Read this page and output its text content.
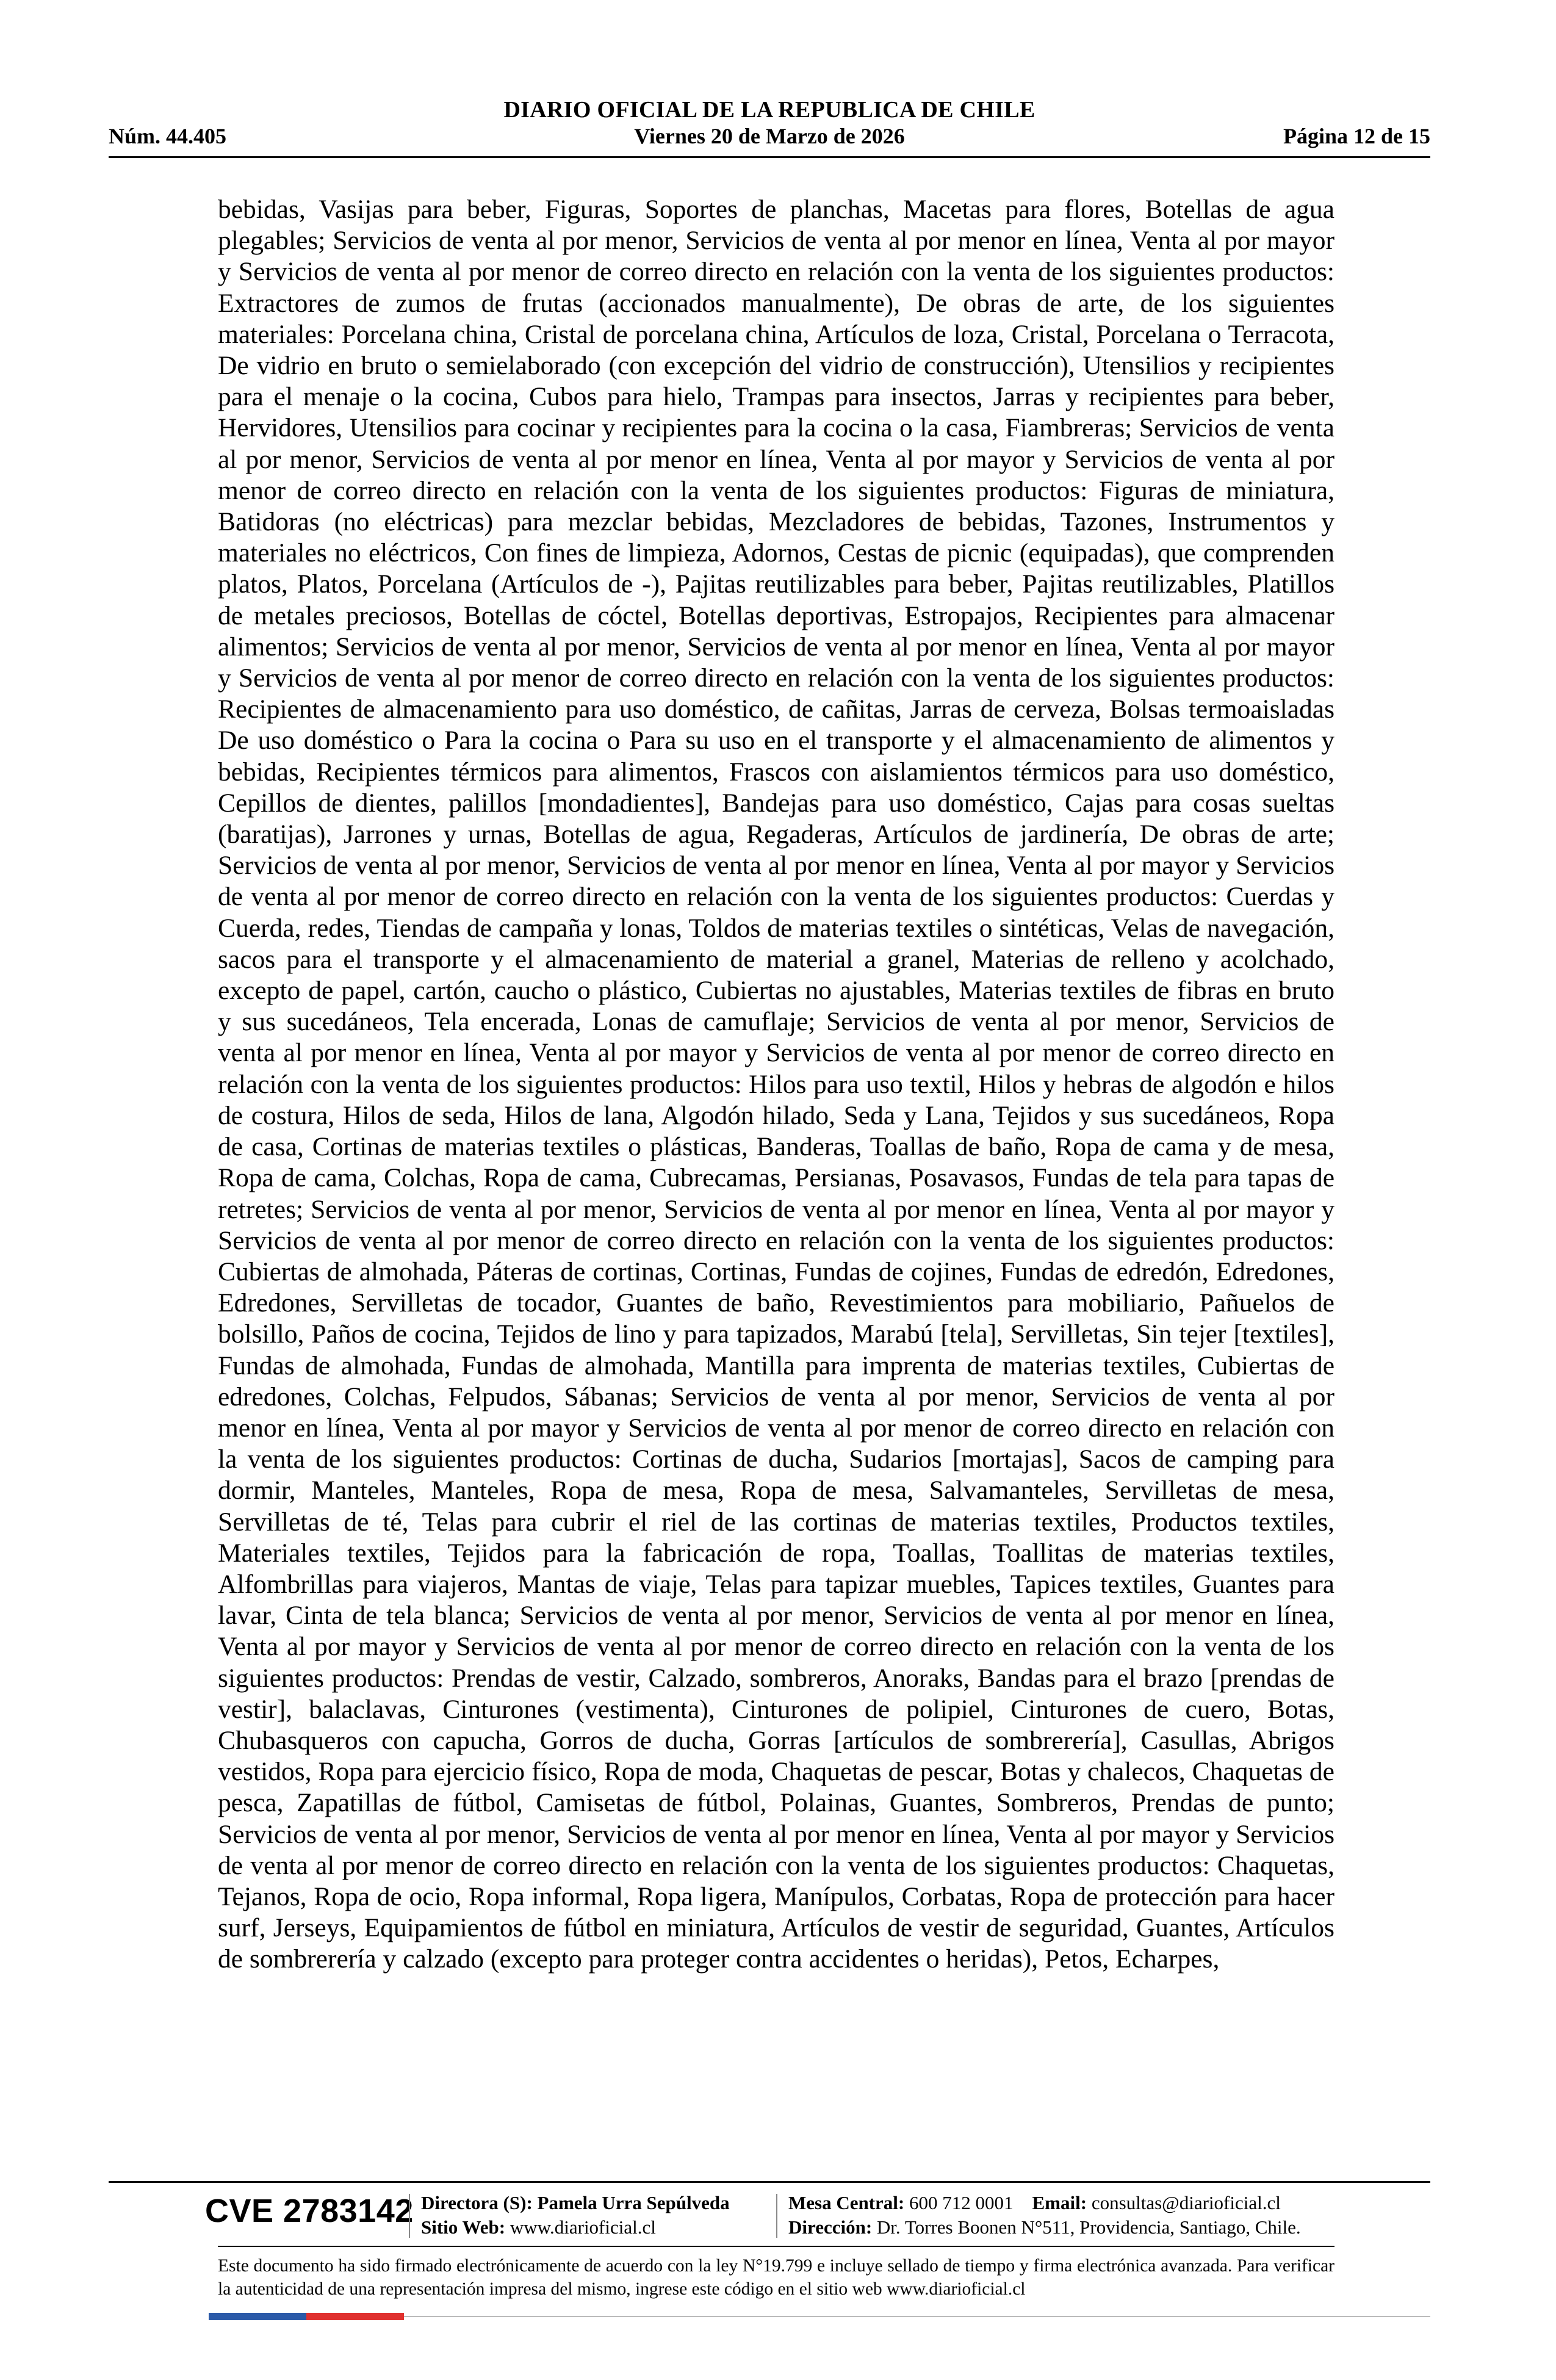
DIARIO OFICIAL DE LA REPUBLICA DE CHILE
Núm. 44.405	Viernes 20 de Marzo de 2026	Página 12 de 15
bebidas, Vasijas para beber, Figuras, Soportes de planchas, Macetas para flores, Botellas de agua plegables; Servicios de venta al por menor, Servicios de venta al por menor en línea, Venta al por mayor y Servicios de venta al por menor de correo directo en relación con la venta de los siguientes productos: Extractores de zumos de frutas (accionados manualmente), De obras de arte, de los siguientes materiales: Porcelana china, Cristal de porcelana china, Artículos de loza, Cristal, Porcelana o Terracota, De vidrio en bruto o semielaborado (con excepción del vidrio de construcción), Utensilios y recipientes para el menaje o la cocina, Cubos para hielo, Trampas para insectos, Jarras y recipientes para beber, Hervidores, Utensilios para cocinar y recipientes para la cocina o la casa, Fiambreras; Servicios de venta al por menor, Servicios de venta al por menor en línea, Venta al por mayor y Servicios de venta al por menor de correo directo en relación con la venta de los siguientes productos: Figuras de miniatura, Batidoras (no eléctricas) para mezclar bebidas, Mezcladores de bebidas, Tazones, Instrumentos y materiales no eléctricos, Con fines de limpieza, Adornos, Cestas de picnic (equipadas), que comprenden platos, Platos, Porcelana (Artículos de -), Pajitas reutilizables para beber, Pajitas reutilizables, Platillos de metales preciosos, Botellas de cóctel, Botellas deportivas, Estropajos, Recipientes para almacenar alimentos; Servicios de venta al por menor, Servicios de venta al por menor en línea, Venta al por mayor y Servicios de venta al por menor de correo directo en relación con la venta de los siguientes productos: Recipientes de almacenamiento para uso doméstico, de cañitas, Jarras de cerveza, Bolsas termoaisladas De uso doméstico o Para la cocina o Para su uso en el transporte y el almacenamiento de alimentos y bebidas, Recipientes térmicos para alimentos, Frascos con aislamientos térmicos para uso doméstico, Cepillos de dientes, palillos [mondadientes], Bandejas para uso doméstico, Cajas para cosas sueltas (baratijas), Jarrones y urnas, Botellas de agua, Regaderas, Artículos de jardinería, De obras de arte; Servicios de venta al por menor, Servicios de venta al por menor en línea, Venta al por mayor y Servicios de venta al por menor de correo directo en relación con la venta de los siguientes productos: Cuerdas y Cuerda, redes, Tiendas de campaña y lonas, Toldos de materias textiles o sintéticas, Velas de navegación, sacos para el transporte y el almacenamiento de material a granel, Materias de relleno y acolchado, excepto de papel, cartón, caucho o plástico, Cubiertas no ajustables, Materias textiles de fibras en bruto y sus sucedáneos, Tela encerada, Lonas de camuflaje; Servicios de venta al por menor, Servicios de venta al por menor en línea, Venta al por mayor y Servicios de venta al por menor de correo directo en relación con la venta de los siguientes productos: Hilos para uso textil, Hilos y hebras de algodón e hilos de costura, Hilos de seda, Hilos de lana, Algodón hilado, Seda y Lana, Tejidos y sus sucedáneos, Ropa de casa, Cortinas de materias textiles o plásticas, Banderas, Toallas de baño, Ropa de cama y de mesa, Ropa de cama, Colchas, Ropa de cama, Cubrecamas, Persianas, Posavasos, Fundas de tela para tapas de retretes; Servicios de venta al por menor, Servicios de venta al por menor en línea, Venta al por mayor y Servicios de venta al por menor de correo directo en relación con la venta de los siguientes productos: Cubiertas de almohada, Páteras de cortinas, Cortinas, Fundas de cojines, Fundas de edredón, Edredones, Edredones, Servilletas de tocador, Guantes de baño, Revestimientos para mobiliario, Pañuelos de bolsillo, Paños de cocina, Tejidos de lino y para tapizados, Marabú [tela], Servilletas, Sin tejer [textiles], Fundas de almohada, Fundas de almohada, Mantilla para imprenta de materias textiles, Cubiertas de edredones, Colchas, Felpudos, Sábanas; Servicios de venta al por menor, Servicios de venta al por menor en línea, Venta al por mayor y Servicios de venta al por menor de correo directo en relación con la venta de los siguientes productos: Cortinas de ducha, Sudarios [mortajas], Sacos de camping para dormir, Manteles, Manteles, Ropa de mesa, Ropa de mesa, Salvamanteles, Servilletas de mesa, Servilletas de té, Telas para cubrir el riel de las cortinas de materias textiles, Productos textiles, Materiales textiles, Tejidos para la fabricación de ropa, Toallas, Toallitas de materias textiles, Alfombrillas para viajeros, Mantas de viaje, Telas para tapizar muebles, Tapices textiles, Guantes para lavar, Cinta de tela blanca; Servicios de venta al por menor, Servicios de venta al por menor en línea, Venta al por mayor y Servicios de venta al por menor de correo directo en relación con la venta de los siguientes productos: Prendas de vestir, Calzado, sombreros, Anoraks, Bandas para el brazo [prendas de vestir], balaclavas, Cinturones (vestimenta), Cinturones de polipiel, Cinturones de cuero, Botas, Chubasqueros con capucha, Gorros de ducha, Gorras [artículos de sombrerería], Casullas, Abrigos vestidos, Ropa para ejercicio físico, Ropa de moda, Chaquetas de pescar, Botas y chalecos, Chaquetas de pesca, Zapatillas de fútbol, Camisetas de fútbol, Polainas, Guantes, Sombreros, Prendas de punto; Servicios de venta al por menor, Servicios de venta al por menor en línea, Venta al por mayor y Servicios de venta al por menor de correo directo en relación con la venta de los siguientes productos: Chaquetas, Tejanos, Ropa de ocio, Ropa informal, Ropa ligera, Manípulos, Corbatas, Ropa de protección para hacer surf, Jerseys, Equipamientos de fútbol en miniatura, Artículos de vestir de seguridad, Guantes, Artículos de sombrerería y calzado (excepto para proteger contra accidentes o heridas), Petos, Echarpes,
CVE 2783142 Directora (S): Pamela Urra Sepúlveda
Sitio Web: www.diarioficial.cl
Mesa Central: 600 712 0001 Email: consultas@diarioficial.cl
Dirección: Dr. Torres Boonen N°511, Providencia, Santiago, Chile.
Este documento ha sido firmado electrónicamente de acuerdo con la ley N°19.799 e incluye sellado de tiempo y firma electrónica avanzada. Para verificar la autenticidad de una representación impresa del mismo, ingrese este código en el sitio web www.diarioficial.cl
